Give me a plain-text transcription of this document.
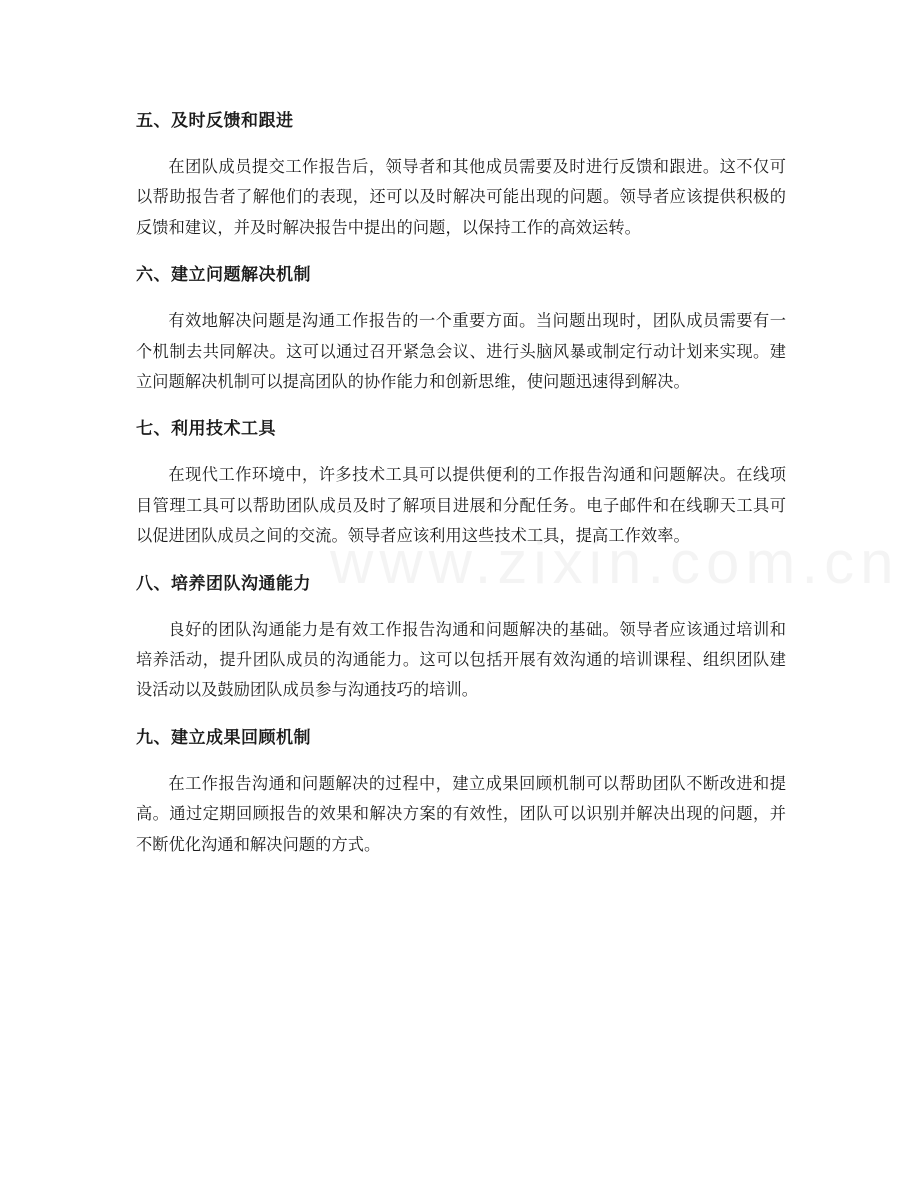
五、及时反馈和跟进

在团队成员提交工作报告后，领导者和其他成员需要及时进行反馈和跟进。这不仅可以帮助报告者了解他们的表现，还可以及时解决可能出现的问题。领导者应该提供积极的反馈和建议，并及时解决报告中提出的问题，以保持工作的高效运转。

六、建立问题解决机制

有效地解决问题是沟通工作报告的一个重要方面。当问题出现时，团队成员需要有一个机制去共同解决。这可以通过召开紧急会议、进行头脑风暴或制定行动计划来实现。建立问题解决机制可以提高团队的协作能力和创新思维，使问题迅速得到解决。

七、利用技术工具

在现代工作环境中，许多技术工具可以提供便利的工作报告沟通和问题解决。在线项目管理工具可以帮助团队成员及时了解项目进展和分配任务。电子邮件和在线聊天工具可以促进团队成员之间的交流。领导者应该利用这些技术工具，提高工作效率。

八、培养团队沟通能力

良好的团队沟通能力是有效工作报告沟通和问题解决的基础。领导者应该通过培训和培养活动，提升团队成员的沟通能力。这可以包括开展有效沟通的培训课程、组织团队建设活动以及鼓励团队成员参与沟通技巧的培训。

九、建立成果回顾机制

在工作报告沟通和问题解决的过程中，建立成果回顾机制可以帮助团队不断改进和提高。通过定期回顾报告的效果和解决方案的有效性，团队可以识别并解决出现的问题，并不断优化沟通和解决问题的方式。
